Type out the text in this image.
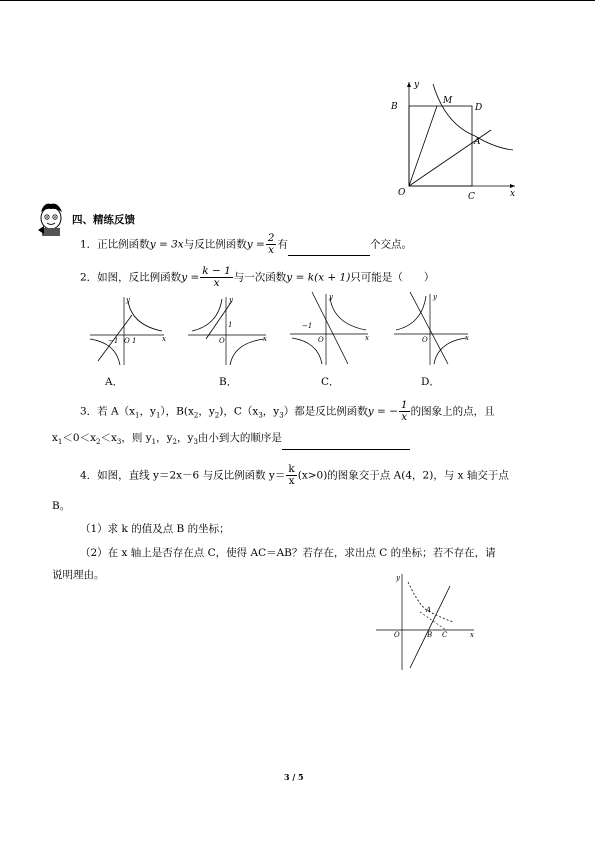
y
B
M
D
A
O	C	x
四、精练反馈
1．正比例函数y = 3x与反比例函数$y = \frac{2}{x}$ 有	个交点。
2．如图，反比例函数$y = \frac{k - 1}{x}$ 与一次函数y = k(x + 1)只可能是（　　）
y
x
O
−1 1
y
x
O
1
y
x
O
−1
y
x
O
A．	B．	C．	D．
3．若 $A(x_1$，$y_1$），$B(x_2$，$y_2$)，$C(x_3$，$y_3$）都是反比例函数y = − $\frac{1}{x}$ 的图象上的点，且
$x_1<0<x_2<x_3$，则 $y_1$，$y_2$，$y_3$由小到大的顺序是
4．如图，直线 y＝2x－6 与反比例函数 $y= \frac{k}{x} (x>0)$的图象交于点 A(4，2)，与 x 轴交于点
B。
（1）求 k 的值及点 B 的坐标；
（2）在 x 轴上是否存在点 C，使得 AC＝AB？若存在，求出点 C 的坐标；若不存在，请
说明理由。	y
O
A
B C	x
3 / 5
